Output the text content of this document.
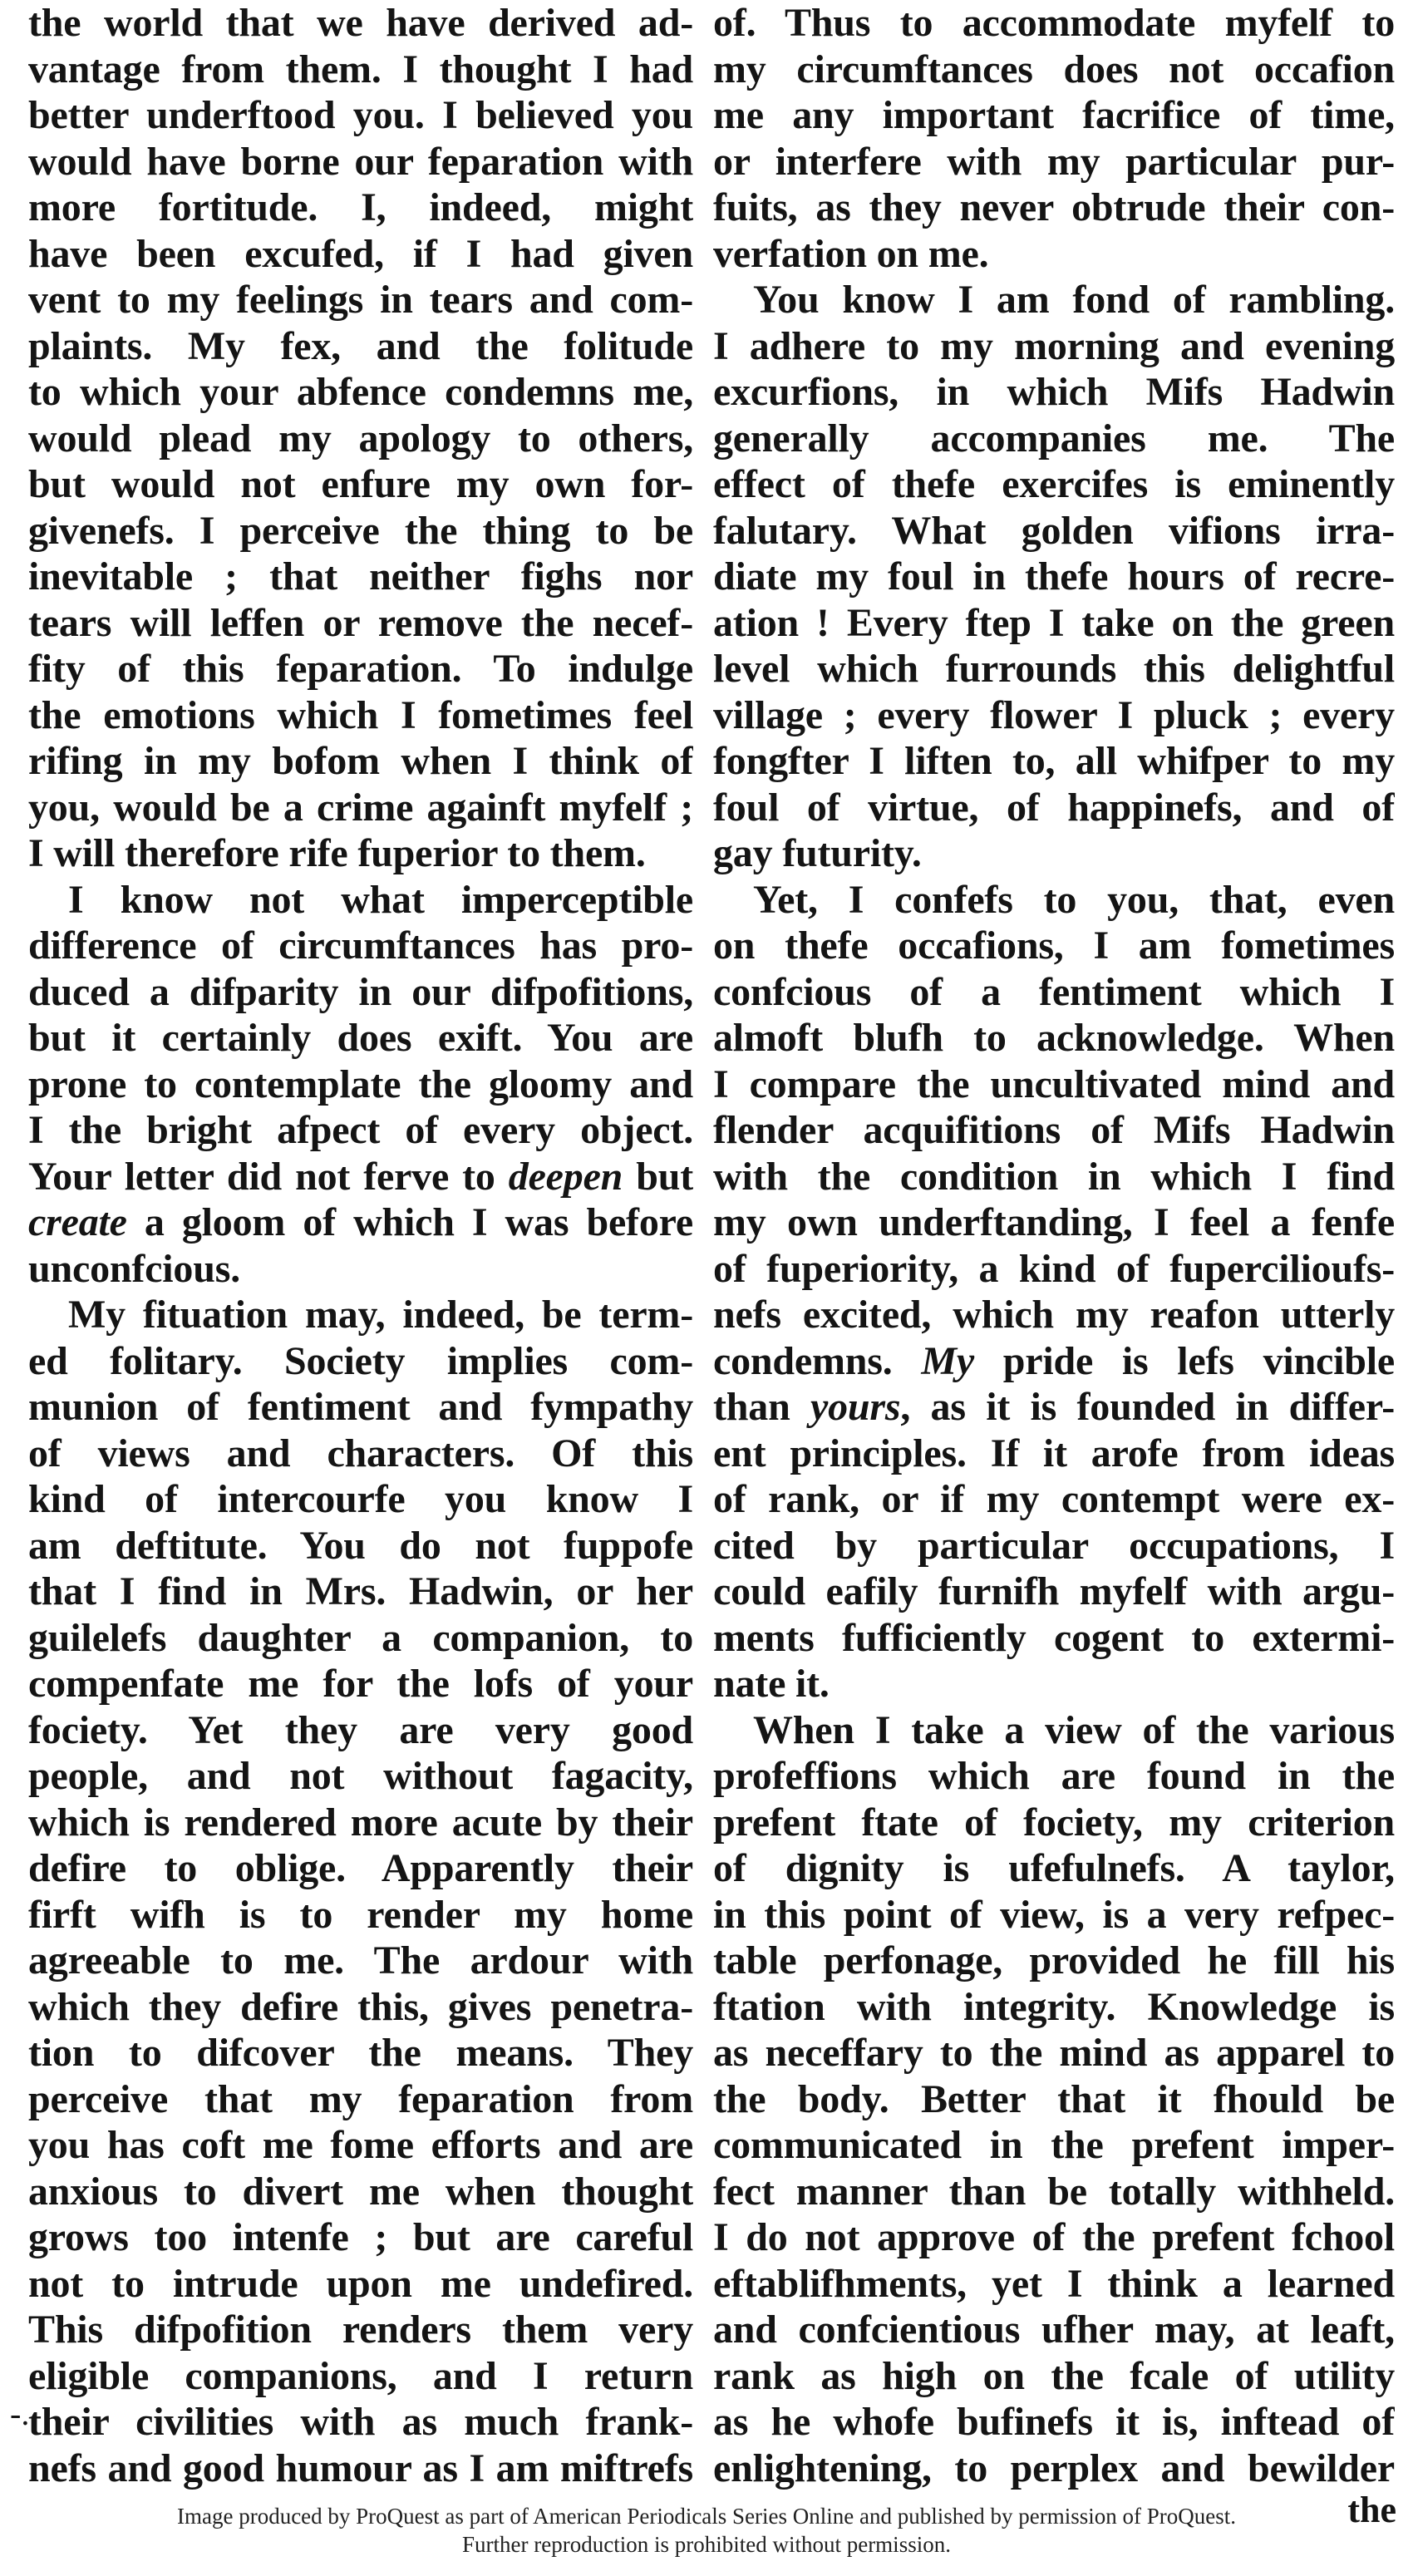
the world that we have derived ad-
vantage from them. I thought I had
better underftood you. I believed you
would have borne our feparation with
more fortitude. I, indeed, might
have been excufed, if I had given
vent to my feelings in tears and com-
plaints. My fex, and the folitude
to which your abfence condemns me,
would plead my apology to others,
but would not enfure my own for-
givenefs. I perceive the thing to be
inevitable ; that neither fighs nor
tears will leffen or remove the necef-
fity of this feparation. To indulge
the emotions which I fometimes feel
rifing in my bofom when I think of
you, would be a crime againft myfelf ;
I will therefore rife fuperior to them.
I know not what imperceptible
difference of circumftances has pro-
duced a difparity in our difpofitions,
but it certainly does exift. You are
prone to contemplate the gloomy and
I the bright afpect of every object.
Your letter did not ferve to deepen but
create a gloom of which I was before
unconfcious.
My fituation may, indeed, be term-
ed folitary. Society implies com-
munion of fentiment and fympathy
of views and characters. Of this
kind of intercourfe you know I
am deftitute. You do not fuppofe
that I find in Mrs. Hadwin, or her
guilelefs daughter a companion, to
compenfate me for the lofs of your
fociety. Yet they are very good
people, and not without fagacity,
which is rendered more acute by their
defire to oblige. Apparently their
firft wifh is to render my home
agreeable to me. The ardour with
which they defire this, gives penetra-
tion to difcover the means. They
perceive that my feparation from
you has coft me fome efforts and are
anxious to divert me when thought
grows too intenfe ; but are careful
not to intrude upon me undefired.
This difpofition renders them very
eligible companions, and I return
their civilities with as much frank-
nefs and good humour as I am miftrefs
of. Thus to accommodate myfelf to
my circumftances does not occafion
me any important facrifice of time,
or interfere with my particular pur-
fuits, as they never obtrude their con-
verfation on me.
You know I am fond of rambling.
I adhere to my morning and evening
excurfions, in which Mifs Hadwin
generally accompanies me. The
effect of thefe exercifes is eminently
falutary. What golden vifions irra-
diate my foul in thefe hours of recre-
ation ! Every ftep I take on the green
level which furrounds this delightful
village ; every flower I pluck ; every
fongfter I liften to, all whifper to my
foul of virtue, of happinefs, and of
gay futurity.
Yet, I confefs to you, that, even
on thefe occafions, I am fometimes
confcious of a fentiment which I
almoft blufh to acknowledge. When
I compare the uncultivated mind and
flender acquifitions of Mifs Hadwin
with the condition in which I find
my own underftanding, I feel a fenfe
of fuperiority, a kind of fupercilioufs-
nefs excited, which my reafon utterly
condemns. My pride is lefs vincible
than yours, as it is founded in differ-
ent principles. If it arofe from ideas
of rank, or if my contempt were ex-
cited by particular occupations, I
could eafily furnifh myfelf with argu-
ments fufficiently cogent to extermi-
nate it.
When I take a view of the various
profeffions which are found in the
prefent ftate of fociety, my criterion
of dignity is ufefulnefs. A taylor,
in this point of view, is a very refpec-
table perfonage, provided he fill his
ftation with integrity. Knowledge is
as neceffary to the mind as apparel to
the body. Better that it fhould be
communicated in the prefent imper-
fect manner than be totally withheld.
I do not approve of the prefent fchool
eftablifhments, yet I think a learned
and confcientious ufher may, at leaft,
rank as high on the fcale of utility
as he whofe bufinefs it is, inftead of
enlightening, to perplex and bewilder
-.
the
Image produced by ProQuest as part of American Periodicals Series Online and published by permission of ProQuest.
Further reproduction is prohibited without permission.
